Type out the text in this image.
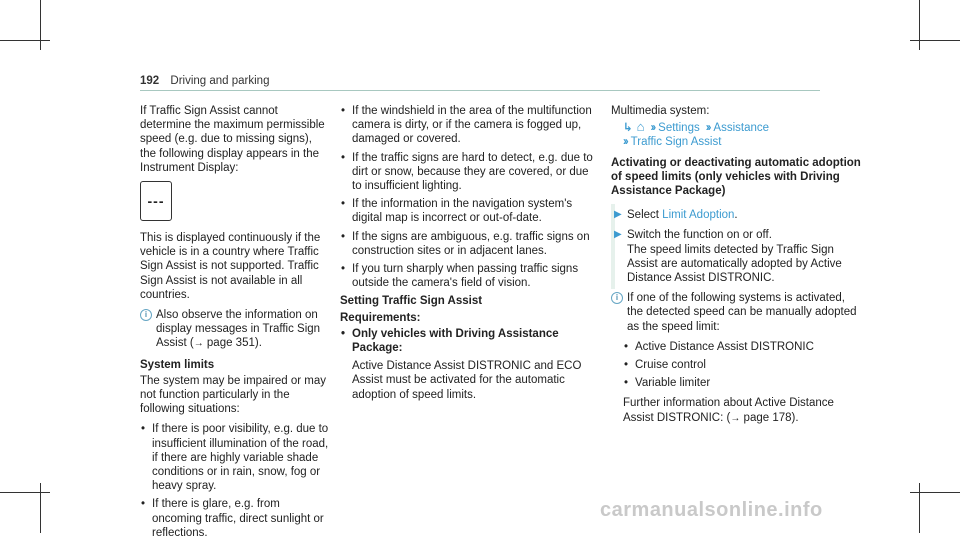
192 Driving and parking

If Traffic Sign Assist cannot determine the maximum permissible speed (e.g. due to missing signs), the following display appears in the Instrument Display:

---

This is displayed continuously if the vehicle is in a country where Traffic Sign Assist is not supported. Traffic Sign Assist is not available in all countries.

i Also observe the information on display messages in Traffic Sign Assist (→ page 351).
System limits

The system may be impaired or may not function particularly in the following situations:

• If there is poor visibility, e.g. due to insufficient illumination of the road, if there are highly variable shade conditions or in rain, snow, fog or heavy spray.
• If there is glare, e.g. from oncoming traffic, direct sunlight or reflections.
• If the windshield in the area of the multifunction camera is dirty, or if the camera is fogged up, damaged or covered.
• If the traffic signs are hard to detect, e.g. due to dirt or snow, because they are covered, or due to insufficient lighting.
• If the information in the navigation system's digital map is incorrect or out-of-date.
• If the signs are ambiguous, e.g. traffic signs on construction sites or in adjacent lanes.
• If you turn sharply when passing traffic signs outside the camera's field of vision.
Setting Traffic Sign Assist
Requirements:
• Only vehicles with Driving Assistance Package:

Active Distance Assist DISTRONIC and ECO Assist must be activated for the automatic adoption of speed limits.

Multimedia system:

↳ ⌂ ›› Settings ›› Assistance
›› Traffic Sign Assist
Activating or deactivating automatic adoption of speed limits (only vehicles with Driving Assistance Package)
▶ Select Limit Adoption.
▶ Switch the function on or off.
The speed limits detected by Traffic Sign Assist are automatically adopted by Active Distance Assist DISTRONIC.
i If one of the following systems is activated, the detected speed can be manually adopted as the speed limit:
• Active Distance Assist DISTRONIC
• Cruise control
• Variable limiter

Further information about Active Distance Assist DISTRONIC: (→ page 178).

carmanualsonline.info
